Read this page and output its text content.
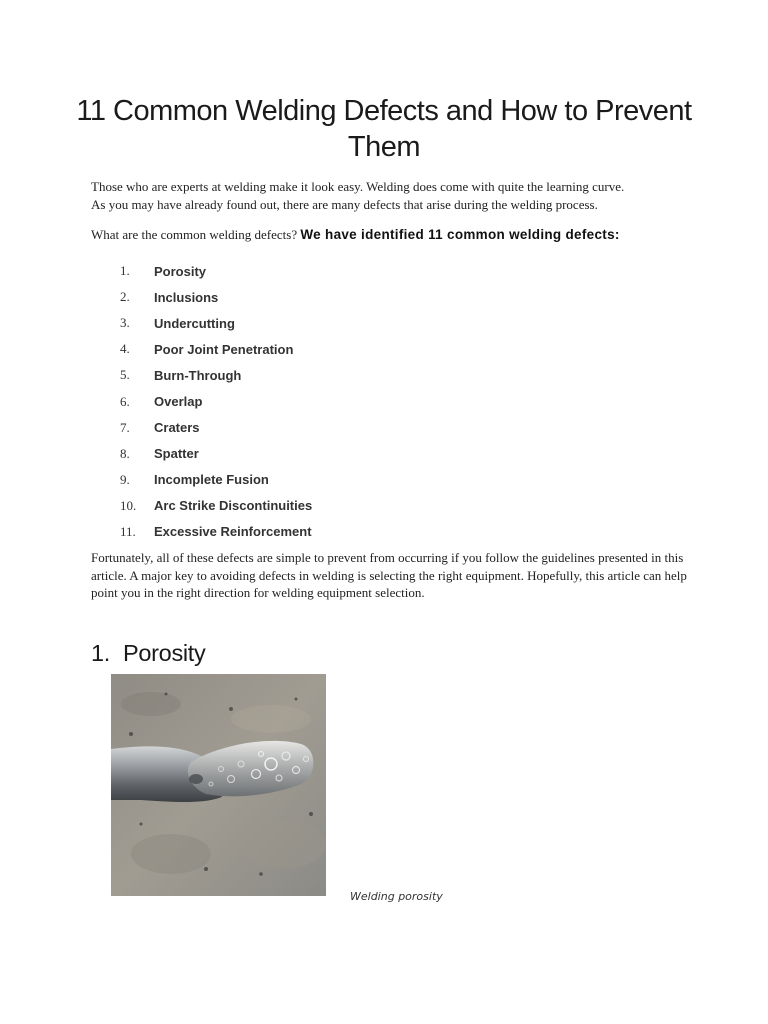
11 Common Welding Defects and How to Prevent Them
Those who are experts at welding make it look easy. Welding does come with quite the learning curve.
As you may have already found out, there are many defects that arise during the welding process.
What are the common welding defects? We have identified 11 common welding defects:
1.	Porosity
2.	Inclusions
3.	Undercutting
4.	Poor Joint Penetration
5.	Burn-Through
6.	Overlap
7.	Craters
8.	Spatter
9.	Incomplete Fusion
10.	Arc Strike Discontinuities
11.	Excessive Reinforcement
Fortunately, all of these defects are simple to prevent from occurring if you follow the guidelines presented in this article. A major key to avoiding defects in welding is selecting the right equipment. Hopefully, this article can help point you in the right direction for welding equipment selection.
1. Porosity
Welding porosity
